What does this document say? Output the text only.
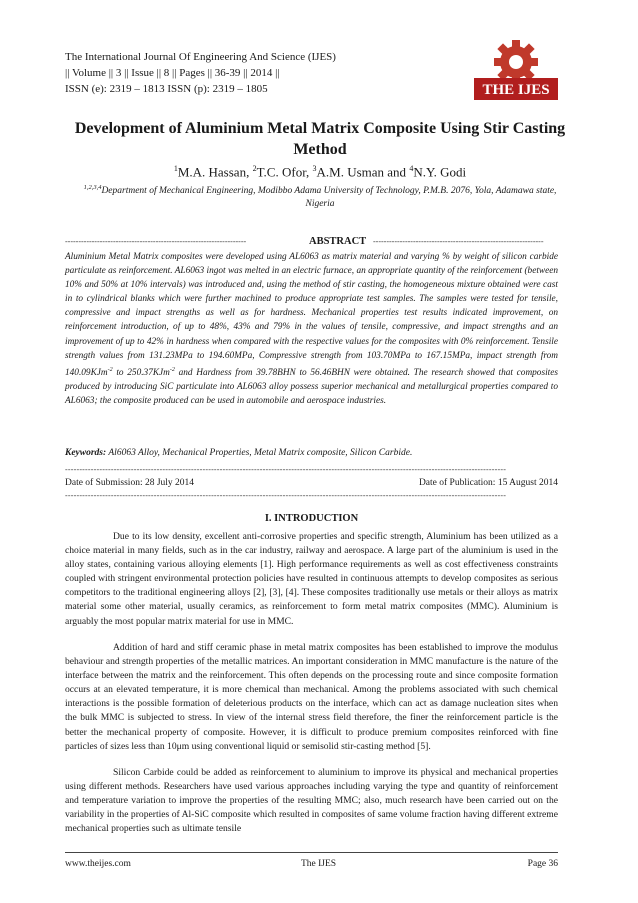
The International Journal Of Engineering And Science (IJES)
|| Volume || 3 || Issue || 8 || Pages || 36-39 || 2014 ||
ISSN (e): 2319 – 1813 ISSN (p): 2319 – 1805	THE IJES
Development of Aluminium Metal Matrix Composite Using Stir Casting Method
$^1$M.A. Hassan, $^2$T.C. Ofor, $^3$A.M. Usman and $^4$N.Y. Godi
$^{1,2,3,4}$Department of Mechanical Engineering, Modibbo Adama University of Technology, P.M.B. 2076, Yola, Adamawa state, Nigeria
--------------------------------------------------------------------	ABSTRACT ----------------------------------------------------------------
Aluminium Metal Matrix composites were developed using AL6063 as matrix material and varying % by weight of silicon carbide particulate as reinforcement. AL6063 ingot was melted in an electric furnace, an appropriate quantity of the reinforcement (between 10% and 50% at 10% intervals) was introduced and, using the method of stir casting, the homogeneous mixture obtained were cast in to cylindrical blanks which were further machined to produce appropriate test samples. The samples were tested for tensile, compressive and impact strengths as well as for hardness. Mechanical properties test results indicated improvement, on reinforcement introduction, of up to 48%, 43% and 79% in the values of tensile, compressive, and impact strengths and an improvement of up to 42% in hardness when compared with the respective values for the composites with 0% reinforcement. Tensile strength values from 131.23MPa to 194.60MPa, Compressive strength from 103.70MPa to 167.15MPa, impact strength from 140.09KJm$^{-2}$ to 250.37KJm$^{-2}$ and Hardness from 39.78BHN to 56.46BHN were obtained. The research showed that composites produced by introducing SiC particulate into AL6063 alloy possess superior mechanical and metallurgical properties compared to AL6063; the composite produced can be used in automobile and aerospace industries.
Keywords: Al6063 Alloy, Mechanical Properties, Metal Matrix composite, Silicon Carbide.
----------------------------------------------------------------------------------------------------------------------------------------------------------
Date of Submission: 28 July 2014	Date of Publication: 15 August 2014
----------------------------------------------------------------------------------------------------------------------------------------------------------
I. INTRODUCTION
Due to its low density, excellent anti-corrosive properties and specific strength, Aluminium has been utilized as a choice material in many fields, such as in the car industry, railway and aerospace. A large part of the aluminium is used in the alloy states, containing various alloying elements [1]. High performance requirements as well as cost effectiveness constraints coupled with stringent environmental protection policies have resulted in continuous attempts to develop composites as serious competitors to the traditional engineering alloys [2], [3], [4]. These composites traditionally use metals or their alloys as matrix material some other material, usually ceramics, as reinforcement to form metal matrix composites (MMC). Aluminium is arguably the most popular matrix material for use in MMC.
Addition of hard and stiff ceramic phase in metal matrix composites has been established to improve the modulus behaviour and strength properties of the metallic matrices. An important consideration in MMC manufacture is the nature of the interface between the matrix and the reinforcement. This often depends on the processing route and since composite formation occurs at an elevated temperature, it is more chemical than mechanical. Among the problems associated with such chemical interactions is the possible formation of deleterious products on the interface, which can act as damage nucleation sites when the bulk MMC is subjected to stress. In view of the internal stress field therefore, the finer the reinforcement particle is the better the mechanical property of composite. However, it is difficult to produce premium composites reinforced with fine particles of sizes less than 10μm using conventional liquid or semisolid stir-casting method [5].
Silicon Carbide could be added as reinforcement to aluminium to improve its physical and mechanical properties using different methods. Researchers have used various approaches including varying the type and quantity of reinforcement and temperature variation to improve the properties of the resulting MMC; also, much research have been carried out on the variability in the properties of Al-SiC composite which resulted in composites of same volume fraction having different extreme mechanical properties such as ultimate tensile
www.theijes.com	The IJES	Page 36
